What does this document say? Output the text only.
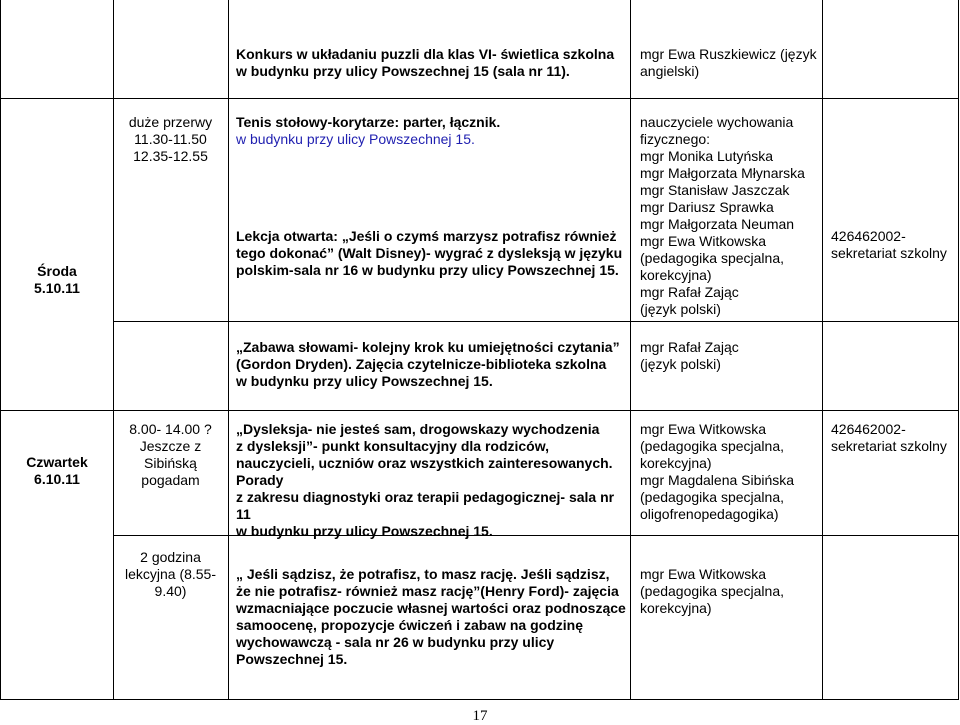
Konkurs w układaniu puzzli dla klas VI- świetlica szkolna
w budynku przy ulicy Powszechnej 15 (sala nr 11).
mgr Ewa Ruszkiewicz (język
angielski)
Środa
5.10.11
duże przerwy
11.30-11.50
12.35-12.55
Tenis stołowy-korytarze: parter, łącznik.
w budynku przy ulicy Powszechnej 15.
Lekcja otwarta: „Jeśli o czymś marzysz potrafisz również
tego dokonać” (Walt Disney)- wygrać z dysleksją w języku
polskim-sala nr 16 w budynku przy ulicy Powszechnej 15.
nauczyciele wychowania
fizycznego:
mgr Monika Lutyńska
mgr Małgorzata Młynarska
mgr Stanisław Jaszczak
mgr Dariusz Sprawka
mgr Małgorzata Neuman
mgr Ewa Witkowska
(pedagogika specjalna,
korekcyjna)
mgr Rafał Zając
(język polski)
426462002-
sekretariat szkolny
„Zabawa słowami- kolejny krok ku umiejętności czytania”
(Gordon Dryden). Zajęcia czytelnicze-biblioteka szkolna
w budynku przy ulicy Powszechnej 15.
mgr Rafał Zając
(język polski)
Czwartek
6.10.11
8.00- 14.00 ?
Jeszcze z
Sibińską
pogadam
„Dysleksja- nie jesteś sam, drogowskazy wychodzenia
z dysleksji”- punkt konsultacyjny dla rodziców,
nauczycieli, uczniów oraz wszystkich zainteresowanych.
Porady
z zakresu diagnostyki oraz terapii pedagogicznej- sala nr
11
w budynku przy ulicy Powszechnej 15.
mgr Ewa Witkowska
(pedagogika specjalna,
korekcyjna)
mgr Magdalena Sibińska
(pedagogika specjalna,
oligofrenopedagogika)
426462002-
sekretariat szkolny
2 godzina
lekcyjna (8.55-
9.40)
„ Jeśli sądzisz, że potrafisz, to masz rację. Jeśli sądzisz,
że nie potrafisz- również masz rację”(Henry Ford)- zajęcia
wzmacniające poczucie własnej wartości oraz podnoszące
samoocenę, propozycje ćwiczeń i zabaw na godzinę
wychowawczą - sala nr 26 w budynku przy ulicy
Powszechnej 15.
mgr Ewa Witkowska
(pedagogika specjalna,
korekcyjna)
17
